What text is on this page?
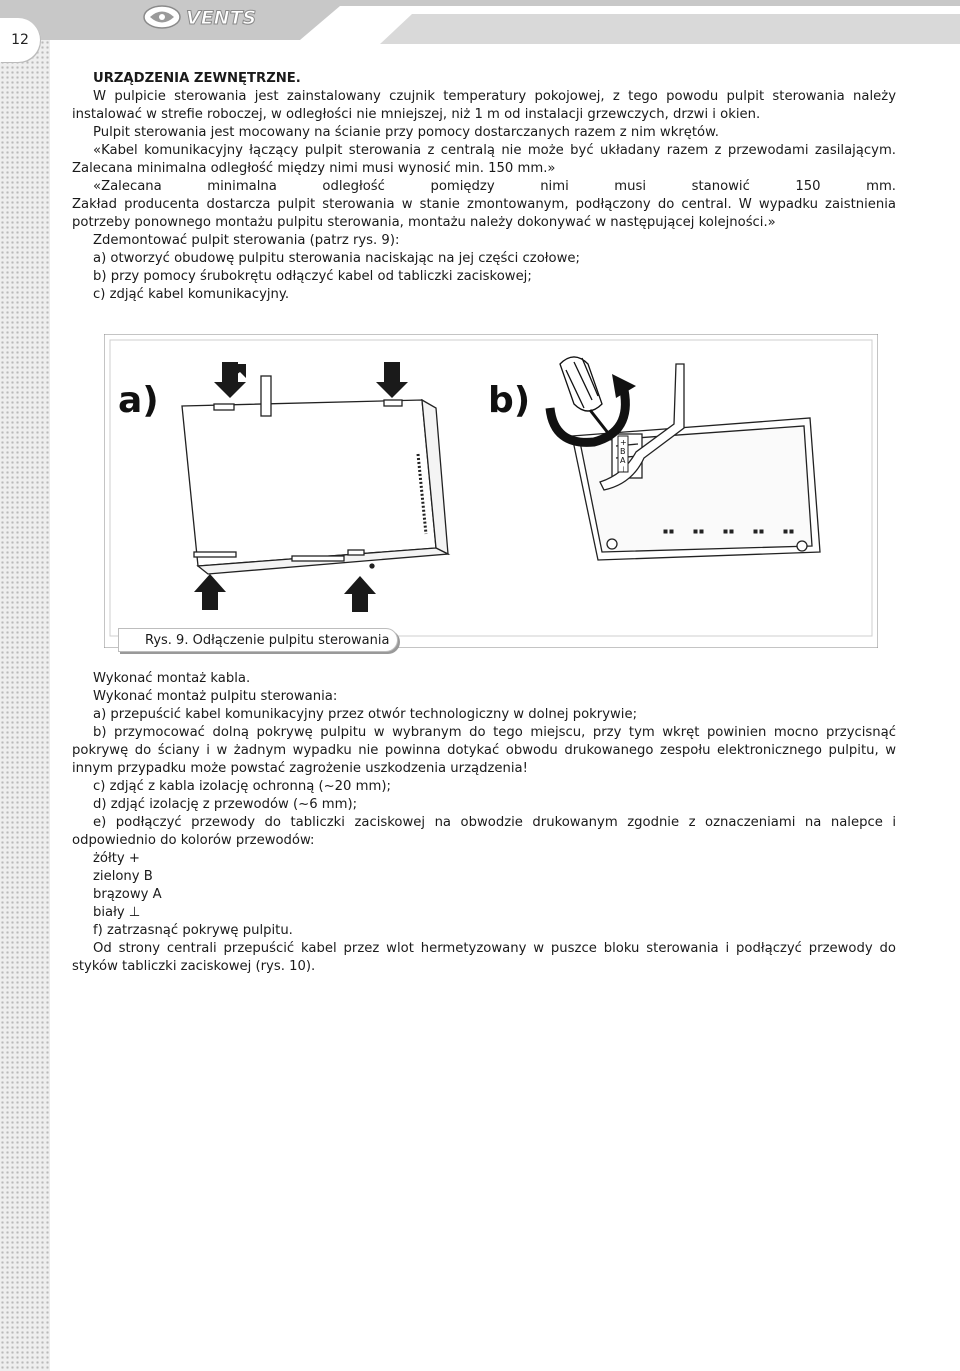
VENTS
12

URZĄDZENIA ZEWNĘTRZNE.

W pulpicie sterowania jest zainstalowany czujnik temperatury pokojowej, z tego powodu pulpit sterowania należy instalować w strefie roboczej, w odległości nie mniejszej, niż 1 m od instalacji grzewczych, drzwi i okien.

Pulpit sterowania jest mocowany na ścianie przy pomocy dostarczanych razem z nim wkrętów.

«Kabel komunikacyjny łączący pulpit sterowania z centralą nie może być układany razem z przewodami zasilającym. Zalecana minimalna odległość między nimi musi wynosić min. 150 mm.»

«Zalecana minimalna odległość pomiędzy nimi musi stanowić 150 mm.

Zakład producenta dostarcza pulpit sterowania w stanie zmontowanym, podłączony do central. W wypadku zaistnienia potrzeby ponownego montażu pulpitu sterowania, montażu należy dokonywać w następującej kolejności.»

Zdemontować pulpit sterowania (patrz rys. 9):

a) otworzyć obudowę pulpitu sterowania naciskając na jej części czołowe;

b) przy pomocy śrubokrętu odłączyć kabel od tabliczki zaciskowej;

c) zdjąć kabel komunikacyjny.

a)
+
B
A
⊥
b)
Rys. 9.
Odłączenie pulpitu sterowania

Wykonać montaż kabla.

Wykonać montaż pulpitu sterowania:

a) przepuścić kabel komunikacyjny przez otwór technologiczny w dolnej pokrywie;

b) przymocować dolną pokrywę pulpitu w wybranym do tego miejscu, przy tym wkręt powinien mocno przycisnąć pokrywę do ściany i w żadnym wypadku nie powinna dotykać obwodu drukowanego zespołu elektronicznego pulpitu, w innym przypadku może powstać zagrożenie uszkodzenia urządzenia!

c) zdjąć z kabla izolację ochronną (~20 mm);

d) zdjąć izolację z przewodów (~6 mm);

e) podłączyć przewody do tabliczki zaciskowej na obwodzie drukowanym zgodnie z oznaczeniami na nalepce i odpowiednio do kolorów przewodów:

żółty +

zielony B

brązowy A

biały ⊥

f) zatrzasnąć pokrywę pulpitu.

Od strony centrali przepuścić kabel przez wlot hermetyzowany w puszce bloku sterowania i podłączyć przewody do styków tabliczki zaciskowej (rys. 10).
